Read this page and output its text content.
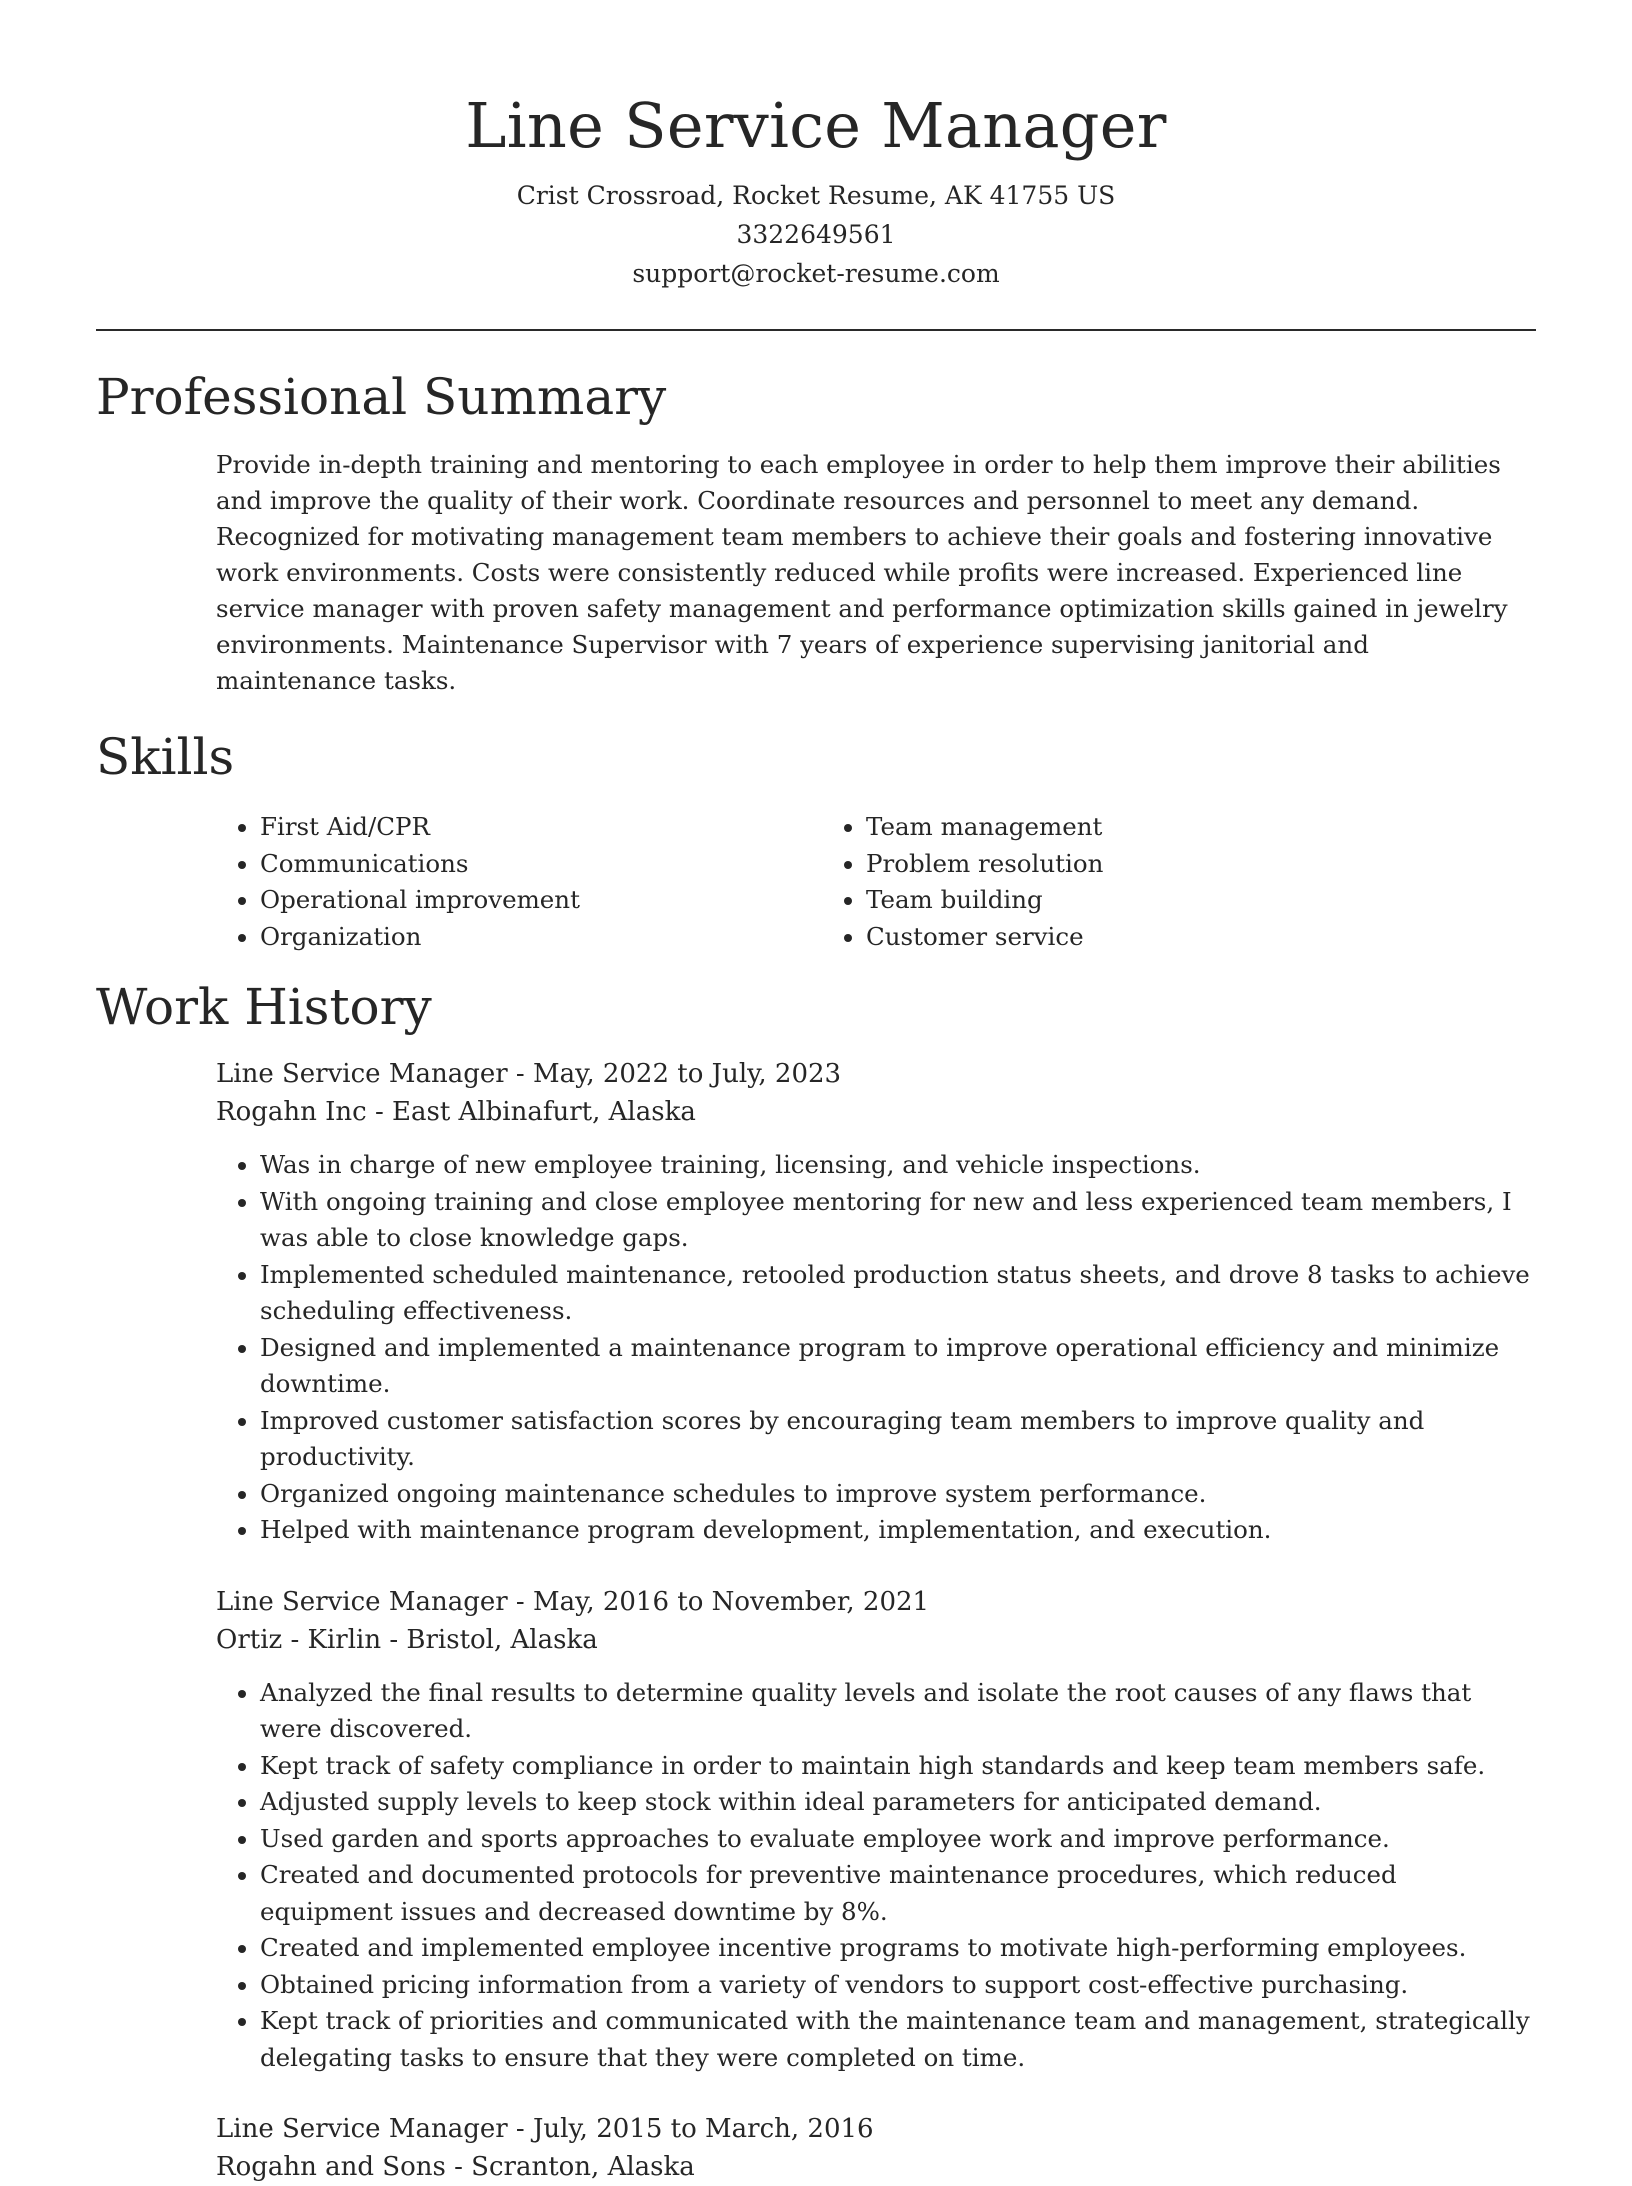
Line Service Manager
Crist Crossroad, Rocket Resume, AK 41755 US
3322649561
support@rocket-resume.com
Professional Summary
Provide in-depth training and mentoring to each employee in order to help them improve their abilities and improve the quality of their work. Coordinate resources and personnel to meet any demand. Recognized for motivating management team members to achieve their goals and fostering innovative work environments. Costs were consistently reduced while profits were increased. Experienced line service manager with proven safety management and performance optimization skills gained in jewelry environments. Maintenance Supervisor with 7 years of experience supervising janitorial and maintenance tasks.
Skills
• First Aid/CPR
• Communications
• Operational improvement
• Organization
• Team management
• Problem resolution
• Team building
• Customer service
Work History
Line Service Manager - May, 2022 to July, 2023
Rogahn Inc - East Albinafurt, Alaska
• Was in charge of new employee training, licensing, and vehicle inspections.
• With ongoing training and close employee mentoring for new and less experienced team members, I was able to close knowledge gaps.
• Implemented scheduled maintenance, retooled production status sheets, and drove 8 tasks to achieve scheduling effectiveness.
• Designed and implemented a maintenance program to improve operational efficiency and minimize downtime.
• Improved customer satisfaction scores by encouraging team members to improve quality and productivity.
• Organized ongoing maintenance schedules to improve system performance.
• Helped with maintenance program development, implementation, and execution.
Line Service Manager - May, 2016 to November, 2021
Ortiz - Kirlin - Bristol, Alaska
• Analyzed the final results to determine quality levels and isolate the root causes of any flaws that were discovered.
• Kept track of safety compliance in order to maintain high standards and keep team members safe.
• Adjusted supply levels to keep stock within ideal parameters for anticipated demand.
• Used garden and sports approaches to evaluate employee work and improve performance.
• Created and documented protocols for preventive maintenance procedures, which reduced equipment issues and decreased downtime by 8%.
• Created and implemented employee incentive programs to motivate high-performing employees.
• Obtained pricing information from a variety of vendors to support cost-effective purchasing.
• Kept track of priorities and communicated with the maintenance team and management, strategically delegating tasks to ensure that they were completed on time.
Line Service Manager - July, 2015 to March, 2016
Rogahn and Sons - Scranton, Alaska
